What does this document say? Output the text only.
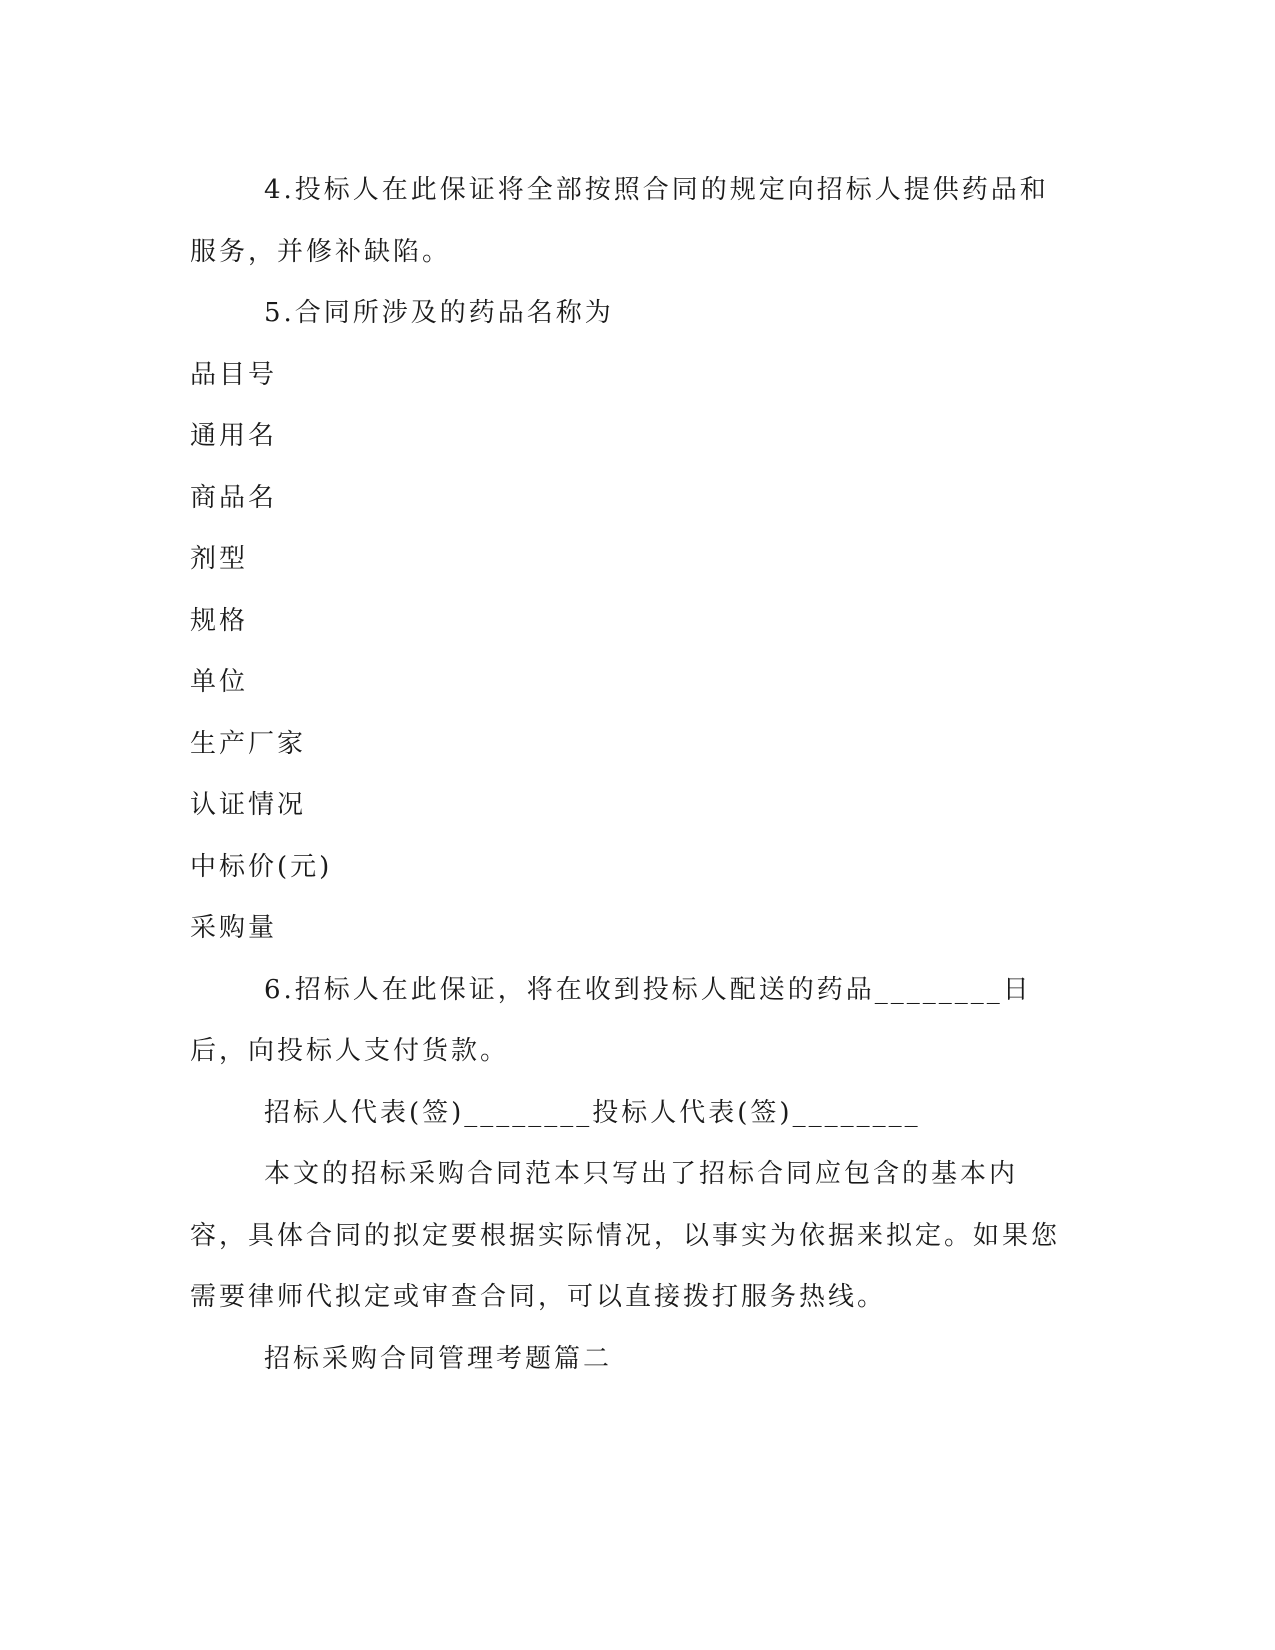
4.投标人在此保证将全部按照合同的规定向招标人提供药品和服务，并修补缺陷。

5.合同所涉及的药品名称为

品目号

通用名

商品名

剂型

规格

单位

生产厂家

认证情况

中标价(元)

采购量

6.招标人在此保证，将在收到投标人配送的药品________日后，向投标人支付货款。

招标人代表(签)________投标人代表(签)________

本文的招标采购合同范本只写出了招标合同应包含的基本内容，具体合同的拟定要根据实际情况，以事实为依据来拟定。如果您需要律师代拟定或审查合同，可以直接拨打服务热线。

招标采购合同管理考题篇二
